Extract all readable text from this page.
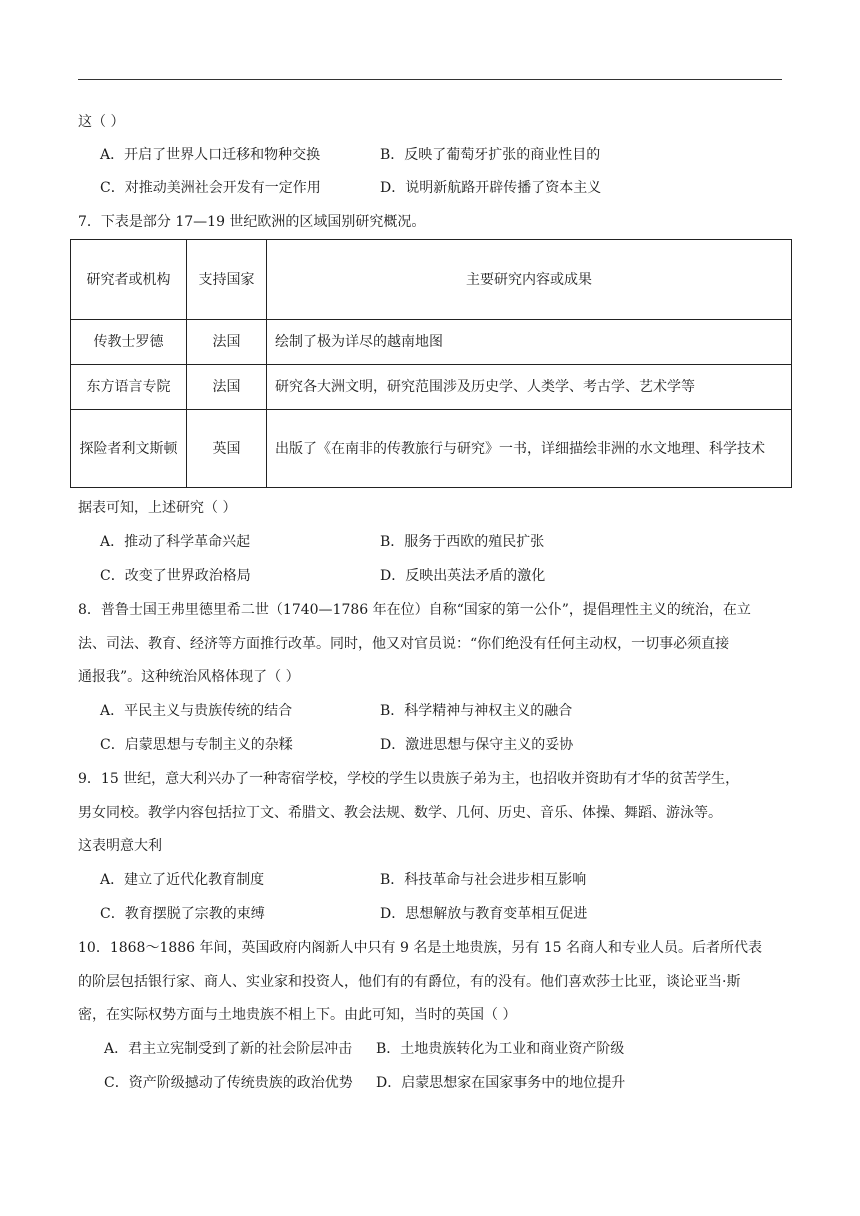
这（ ）
A．开启了世界人口迁移和物种交换	B．反映了葡萄牙扩张的商业性目的
C．对推动美洲社会开发有一定作用	D．说明新航路开辟传播了资本主义
7．下表是部分 17—19 世纪欧洲的区域国别研究概况。
研究者或机构	支持国家	主要研究内容或成果
传教士罗德	法国	绘制了极为详尽的越南地图
东方语言专院	法国	研究各大洲文明，研究范围涉及历史学、人类学、考古学、艺术学等
探险者利文斯顿	英国	出版了《在南非的传教旅行与研究》一书，详细描绘非洲的水文地理、科学技术
据表可知，上述研究（ ）
A．推动了科学革命兴起	B．服务于西欧的殖民扩张
C．改变了世界政治格局	D．反映出英法矛盾的激化
8．普鲁士国王弗里德里希二世（1740—1786 年在位）自称“国家的第一公仆”，提倡理性主义的统治，在立
法、司法、教育、经济等方面推行改革。同时，他又对官员说：“你们绝没有任何主动权，一切事必须直接
通报我”。这种统治风格体现了（ ）
A．平民主义与贵族传统的结合	B．科学精神与神权主义的融合
C．启蒙思想与专制主义的杂糅	D．激进思想与保守主义的妥协
9．15 世纪，意大利兴办了一种寄宿学校，学校的学生以贵族子弟为主，也招收并资助有才华的贫苦学生，
男女同校。教学内容包括拉丁文、希腊文、教会法规、数学、几何、历史、音乐、体操、舞蹈、游泳等。
这表明意大利
A．建立了近代化教育制度	B．科技革命与社会进步相互影响
C．教育摆脱了宗教的束缚	D．思想解放与教育变革相互促进
10．1868～1886 年间，英国政府内阁新人中只有 9 名是土地贵族，另有 15 名商人和专业人员。后者所代表
的阶层包括银行家、商人、实业家和投资人，他们有的有爵位，有的没有。他们喜欢莎士比亚，谈论亚当·斯
密，在实际权势方面与土地贵族不相上下。由此可知，当时的英国（ ）
A．君主立宪制受到了新的社会阶层冲击 B．土地贵族转化为工业和商业资产阶级
C．资产阶级撼动了传统贵族的政治优势 D．启蒙思想家在国家事务中的地位提升
